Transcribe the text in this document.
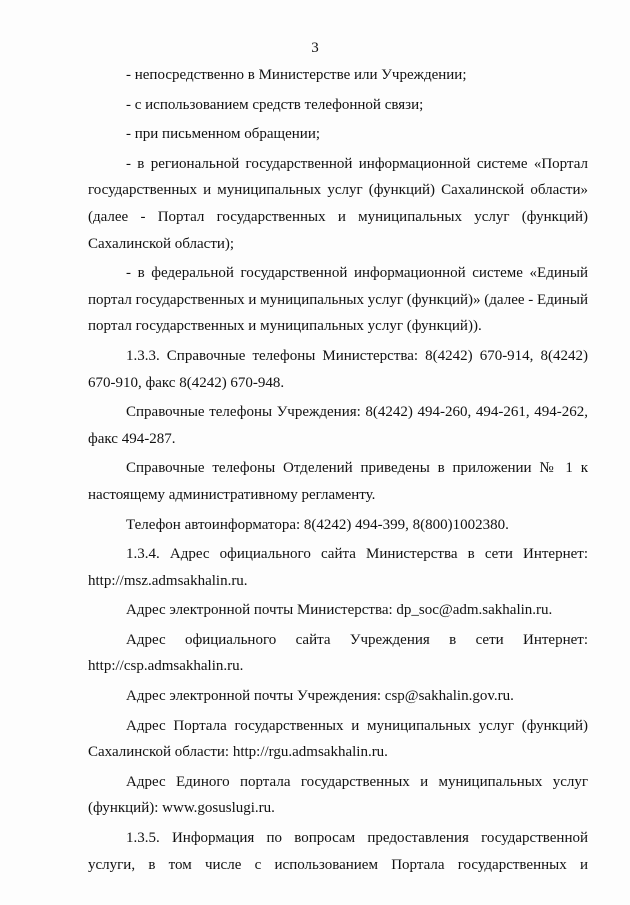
3

- непосредственно в Министерстве или Учреждении;

- с использованием средств телефонной связи;

- при письменном обращении;

- в региональной государственной информационной системе «Портал государственных и муниципальных услуг (функций) Сахалинской области» (далее - Портал государственных и муниципальных услуг (функций) Сахалинской области);

- в федеральной государственной информационной системе «Единый портал государственных и муниципальных услуг (функций)» (далее - Единый портал государственных и муниципальных услуг (функций)).

1.3.3. Справочные телефоны Министерства: 8(4242) 670-914, 8(4242) 670-910, факс 8(4242) 670-948.

Справочные телефоны Учреждения: 8(4242) 494-260, 494-261, 494-262, факс 494-287.

Справочные телефоны Отделений приведены в приложении № 1 к настоящему административному регламенту.

Телефон автоинформатора: 8(4242) 494-399, 8(800)1002380.

1.3.4. Адрес официального сайта Министерства в сети Интернет: http://msz.admsakhalin.ru.

Адрес электронной почты Министерства: dp_soc@adm.sakhalin.ru.

Адрес официального сайта Учреждения в сети Интернет: http://csp.admsakhalin.ru.

Адрес электронной почты Учреждения: csp@sakhalin.gov.ru.

Адрес Портала государственных и муниципальных услуг (функций) Сахалинской области: http://rgu.admsakhalin.ru.

Адрес Единого портала государственных и муниципальных услуг (функций): www.gosuslugi.ru.

1.3.5. Информация по вопросам предоставления государственной услуги, в том числе с использованием Портала государственных и
